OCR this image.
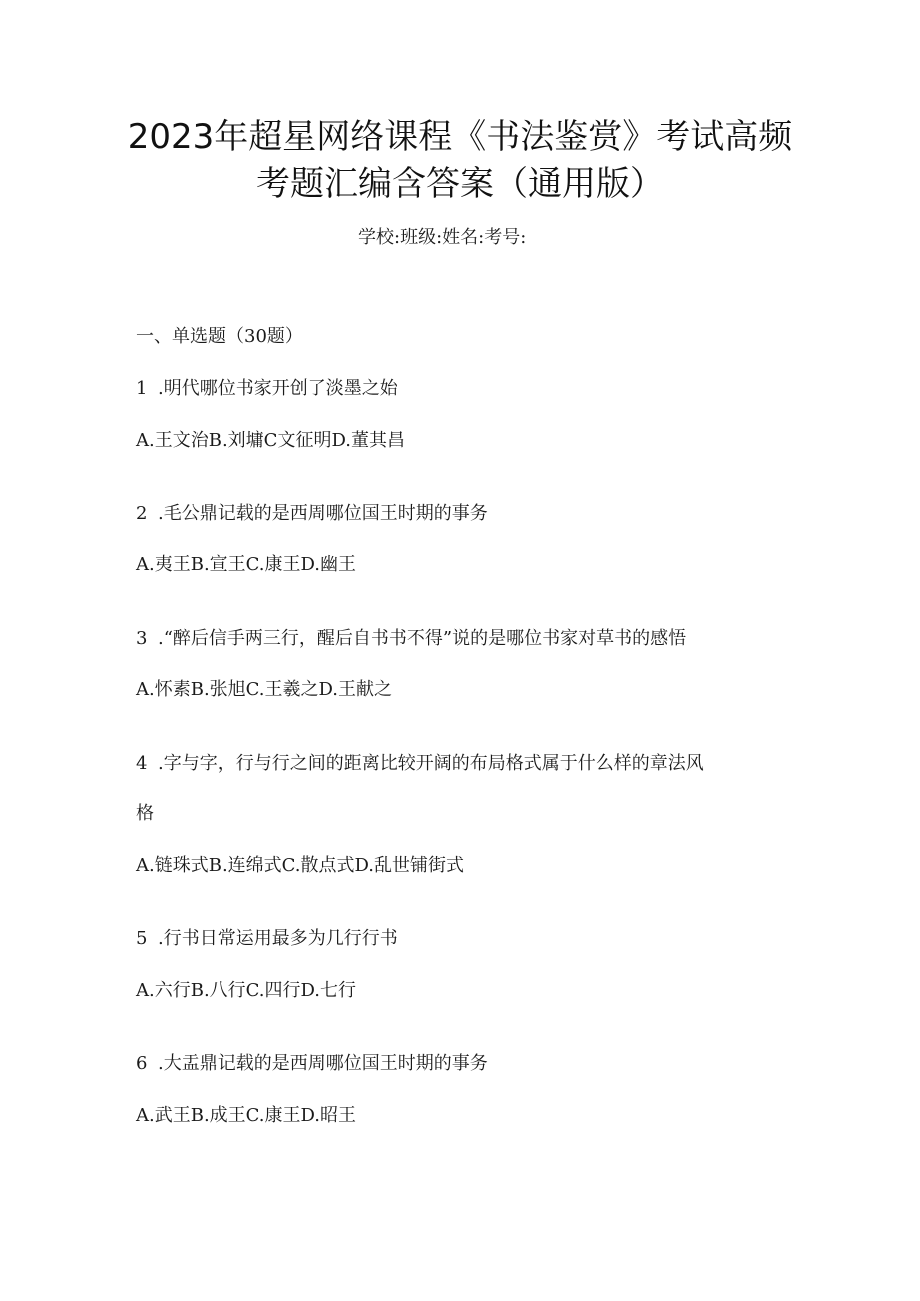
2023年超星网络课程《书法鉴赏》考试高频
考题汇编含答案（通用版）
学校:班级:姓名:考号:
一、单选题（30题）
1 .明代哪位书家开创了淡墨之始
A.王文治B.刘墉C文征明D.董其昌
2 .毛公鼎记载的是西周哪位国王时期的事务
A.夷王B.宣王C.康王D.幽王
3 .“醉后信手两三行，醒后自书书不得”说的是哪位书家对草书的感悟
A.怀素B.张旭C.王羲之D.王献之
4 .字与字，行与行之间的距离比较开阔的布局格式属于什么样的章法风
格
A.链珠式B.连绵式C.散点式D.乱世铺街式
5 .行书日常运用最多为几行行书
A.六行B.八行C.四行D.七行
6 .大盂鼎记载的是西周哪位国王时期的事务
A.武王B.成王C.康王D.昭王
